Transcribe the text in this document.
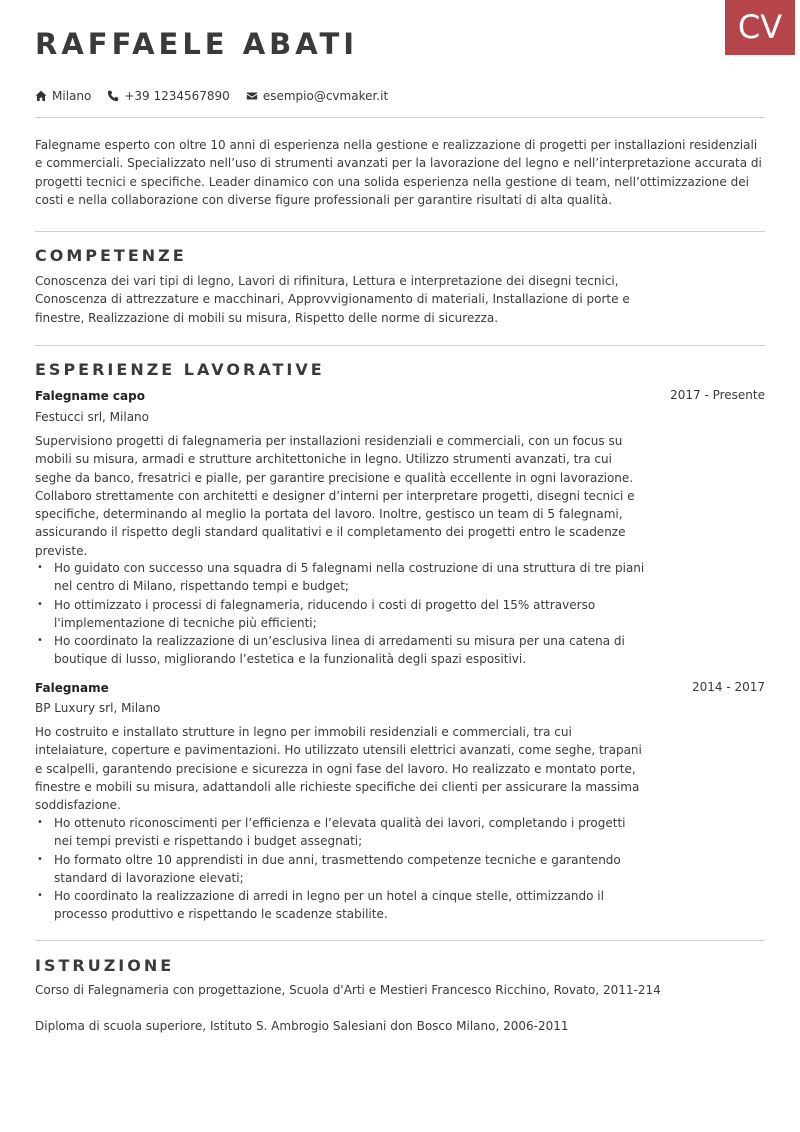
RAFFAELE ABATI	CV
Milano	+39 1234567890	esempio@cvmaker.it

Falegname esperto con oltre 10 anni di esperienza nella gestione e realizzazione di progetti per installazioni residenziali e commerciali. Specializzato nell’uso di strumenti avanzati per la lavorazione del legno e nell’interpretazione accurata di progetti tecnici e specifiche. Leader dinamico con una solida esperienza nella gestione di team, nell’ottimizzazione dei costi e nella collaborazione con diverse figure professionali per garantire risultati di alta qualità.

COMPETENZE

Conoscenza dei vari tipi di legno, Lavori di rifinitura, Lettura e interpretazione dei disegni tecnici, Conoscenza di attrezzature e macchinari, Approvvigionamento di materiali, Installazione di porte e finestre, Realizzazione di mobili su misura, Rispetto delle norme di sicurezza.

ESPERIENZE LAVORATIVE

Falegname capo	2017 - Presente

Festucci srl, Milano

Supervisiono progetti di falegnameria per installazioni residenziali e commerciali, con un focus su mobili su misura, armadi e strutture architettoniche in legno. Utilizzo strumenti avanzati, tra cui seghe da banco, fresatrici e pialle, per garantire precisione e qualità eccellente in ogni lavorazione. Collaboro strettamente con architetti e designer d’interni per interpretare progetti, disegni tecnici e specifiche, determinando al meglio la portata del lavoro. Inoltre, gestisco un team di 5 falegnami, assicurando il rispetto degli standard qualitativi e il completamento dei progetti entro le scadenze previste.

• Ho guidato con successo una squadra di 5 falegnami nella costruzione di una struttura di tre piani nel centro di Milano, rispettando tempi e budget;
• Ho ottimizzato i processi di falegnameria, riducendo i costi di progetto del 15% attraverso l'implementazione di tecniche più efficienti;
• Ho coordinato la realizzazione di un’esclusiva linea di arredamenti su misura per una catena di boutique di lusso, migliorando l’estetica e la funzionalità degli spazi espositivi.

Falegname	2014 - 2017

BP Luxury srl, Milano

Ho costruito e installato strutture in legno per immobili residenziali e commerciali, tra cui intelaiature, coperture e pavimentazioni. Ho utilizzato utensili elettrici avanzati, come seghe, trapani e scalpelli, garantendo precisione e sicurezza in ogni fase del lavoro. Ho realizzato e montato porte, finestre e mobili su misura, adattandoli alle richieste specifiche dei clienti per assicurare la massima soddisfazione.

• Ho ottenuto riconoscimenti per l’efficienza e l’elevata qualità dei lavori, completando i progetti nei tempi previsti e rispettando i budget assegnati;
• Ho formato oltre 10 apprendisti in due anni, trasmettendo competenze tecniche e garantendo standard di lavorazione elevati;
• Ho coordinato la realizzazione di arredi in legno per un hotel a cinque stelle, ottimizzando il processo produttivo e rispettando le scadenze stabilite.
ISTRUZIONE

Corso di Falegnameria con progettazione, Scuola d'Arti e Mestieri Francesco Ricchino, Rovato, 2011-214

Diploma di scuola superiore, Istituto S. Ambrogio Salesiani don Bosco Milano, 2006-2011
